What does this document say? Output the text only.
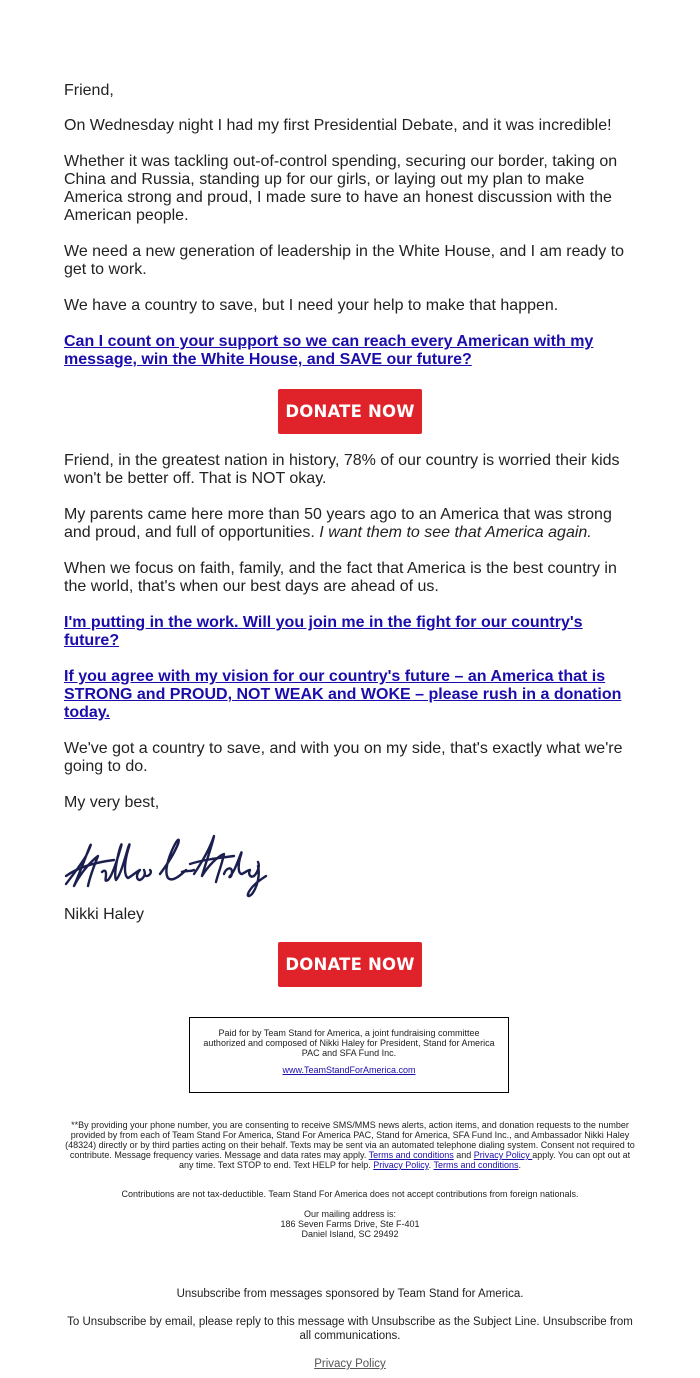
Friend,

On Wednesday night I had my first Presidential Debate, and it was incredible!

Whether it was tackling out-of-control spending, securing our border, taking on China and Russia, standing up for our girls, or laying out my plan to make America strong and proud, I made sure to have an honest discussion with the American people.

We need a new generation of leadership in the White House, and I am ready to get to work.

We have a country to save, but I need your help to make that happen.

Can I count on your support so we can reach every American with my message, win the White House, and SAVE our future?
DONATE NOW

Friend, in the greatest nation in history, 78% of our country is worried their kids won't be better off. That is NOT okay.

My parents came here more than 50 years ago to an America that was strong and proud, and full of opportunities. I want them to see that America again.

When we focus on faith, family, and the fact that America is the best country in the world, that's when our best days are ahead of us.

I'm putting in the work. Will you join me in the fight for our country's future?
If you agree with my vision for our country's future – an America that is STRONG and PROUD, NOT WEAK and WOKE – please rush in a donation today.

We've got a country to save, and with you on my side, that's exactly what we're going to do.

My very best,

Nikki Haley
DONATE NOW
Paid for by Team Stand for America, a joint fundraising committee authorized and composed of Nikki Haley for President, Stand for America PAC and SFA Fund Inc.
www.TeamStandForAmerica.com
**By providing your phone number, you are consenting to receive SMS/MMS news alerts, action items, and donation requests to the number provided by from each of Team Stand For America, Stand For America PAC, Stand for America, SFA Fund Inc., and Ambassador Nikki Haley (48324) directly or by third parties acting on their behalf. Texts may be sent via an automated telephone dialing system. Consent not required to contribute. Message frequency varies. Message and data rates may apply. Terms and conditions and Privacy Policy apply. You can opt out at any time. Text STOP to end. Text HELP for help. Privacy Policy. Terms and conditions.
Contributions are not tax-deductible. Team Stand For America does not accept contributions from foreign nationals.
Our mailing address is:
186 Seven Farms Drive, Ste F-401
Daniel Island, SC 29492
Unsubscribe from messages sponsored by Team Stand for America.
To Unsubscribe by email, please reply to this message with Unsubscribe as the Subject Line. Unsubscribe from all communications.
Privacy Policy
